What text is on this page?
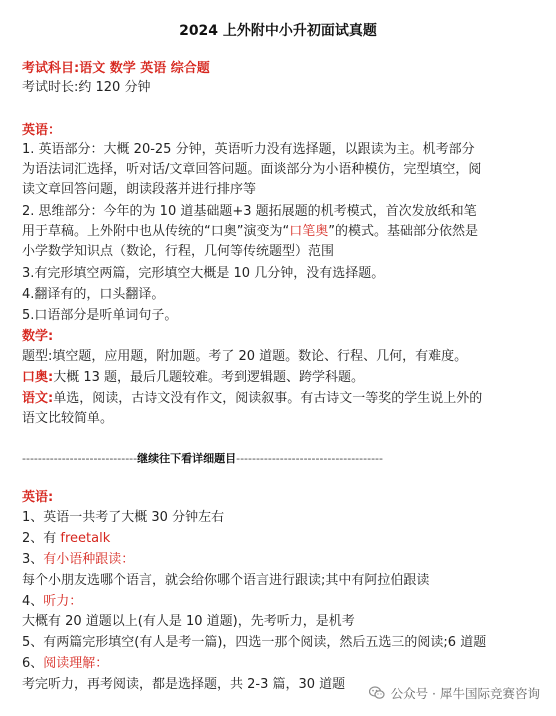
2024 上外附中小升初面试真题
考试科目:语文 数学 英语 综合题
考试时长:约 120 分钟
英语：
1. 英语部分：大概 20-25 分钟，英语听力没有选择题，以跟读为主。机考部分
为语法词汇选择，听对话/文章回答问题。面谈部分为小语种模仿，完型填空，阅
读文章回答问题，朗读段落并进行排序等
2. 思维部分：今年的为 10 道基础题+3 题拓展题的机考模式，首次发放纸和笔
用于草稿。上外附中也从传统的“口奥”演变为“口笔奥”的模式。基础部分依然是
小学数学知识点（数论，行程，几何等传统题型）范围
3.有完形填空两篇，完形填空大概是 10 几分钟，没有选择题。
4.翻译有的，口头翻译。
5.口语部分是听单词句子。
数学:
题型:填空题，应用题，附加题。考了 20 道题。数论、行程、几何，有难度。
口奥:大概 13 题，最后几题较难。考到逻辑题、跨学科题。
语文:单选，阅读，古诗文没有作文，阅读叙事。有古诗文一等奖的学生说上外的
语文比较简单。
-----------------------------继续往下看详细题目-------------------------------------
英语:
1、英语一共考了大概 30 分钟左右
2、有 freetalk
3、有小语种跟读：
每个小朋友选哪个语言，就会给你哪个语言进行跟读;其中有阿拉伯跟读
4、听力：
大概有 20 道题以上(有人是 10 道题)，先考听力，是机考
5、有两篇完形填空(有人是考一篇)，四选一那个阅读，然后五选三的阅读;6 道题
6、阅读理解：
考完听力，再考阅读，都是选择题，共 2-3 篇，30 道题
公众号 · 犀牛国际竞赛咨询
